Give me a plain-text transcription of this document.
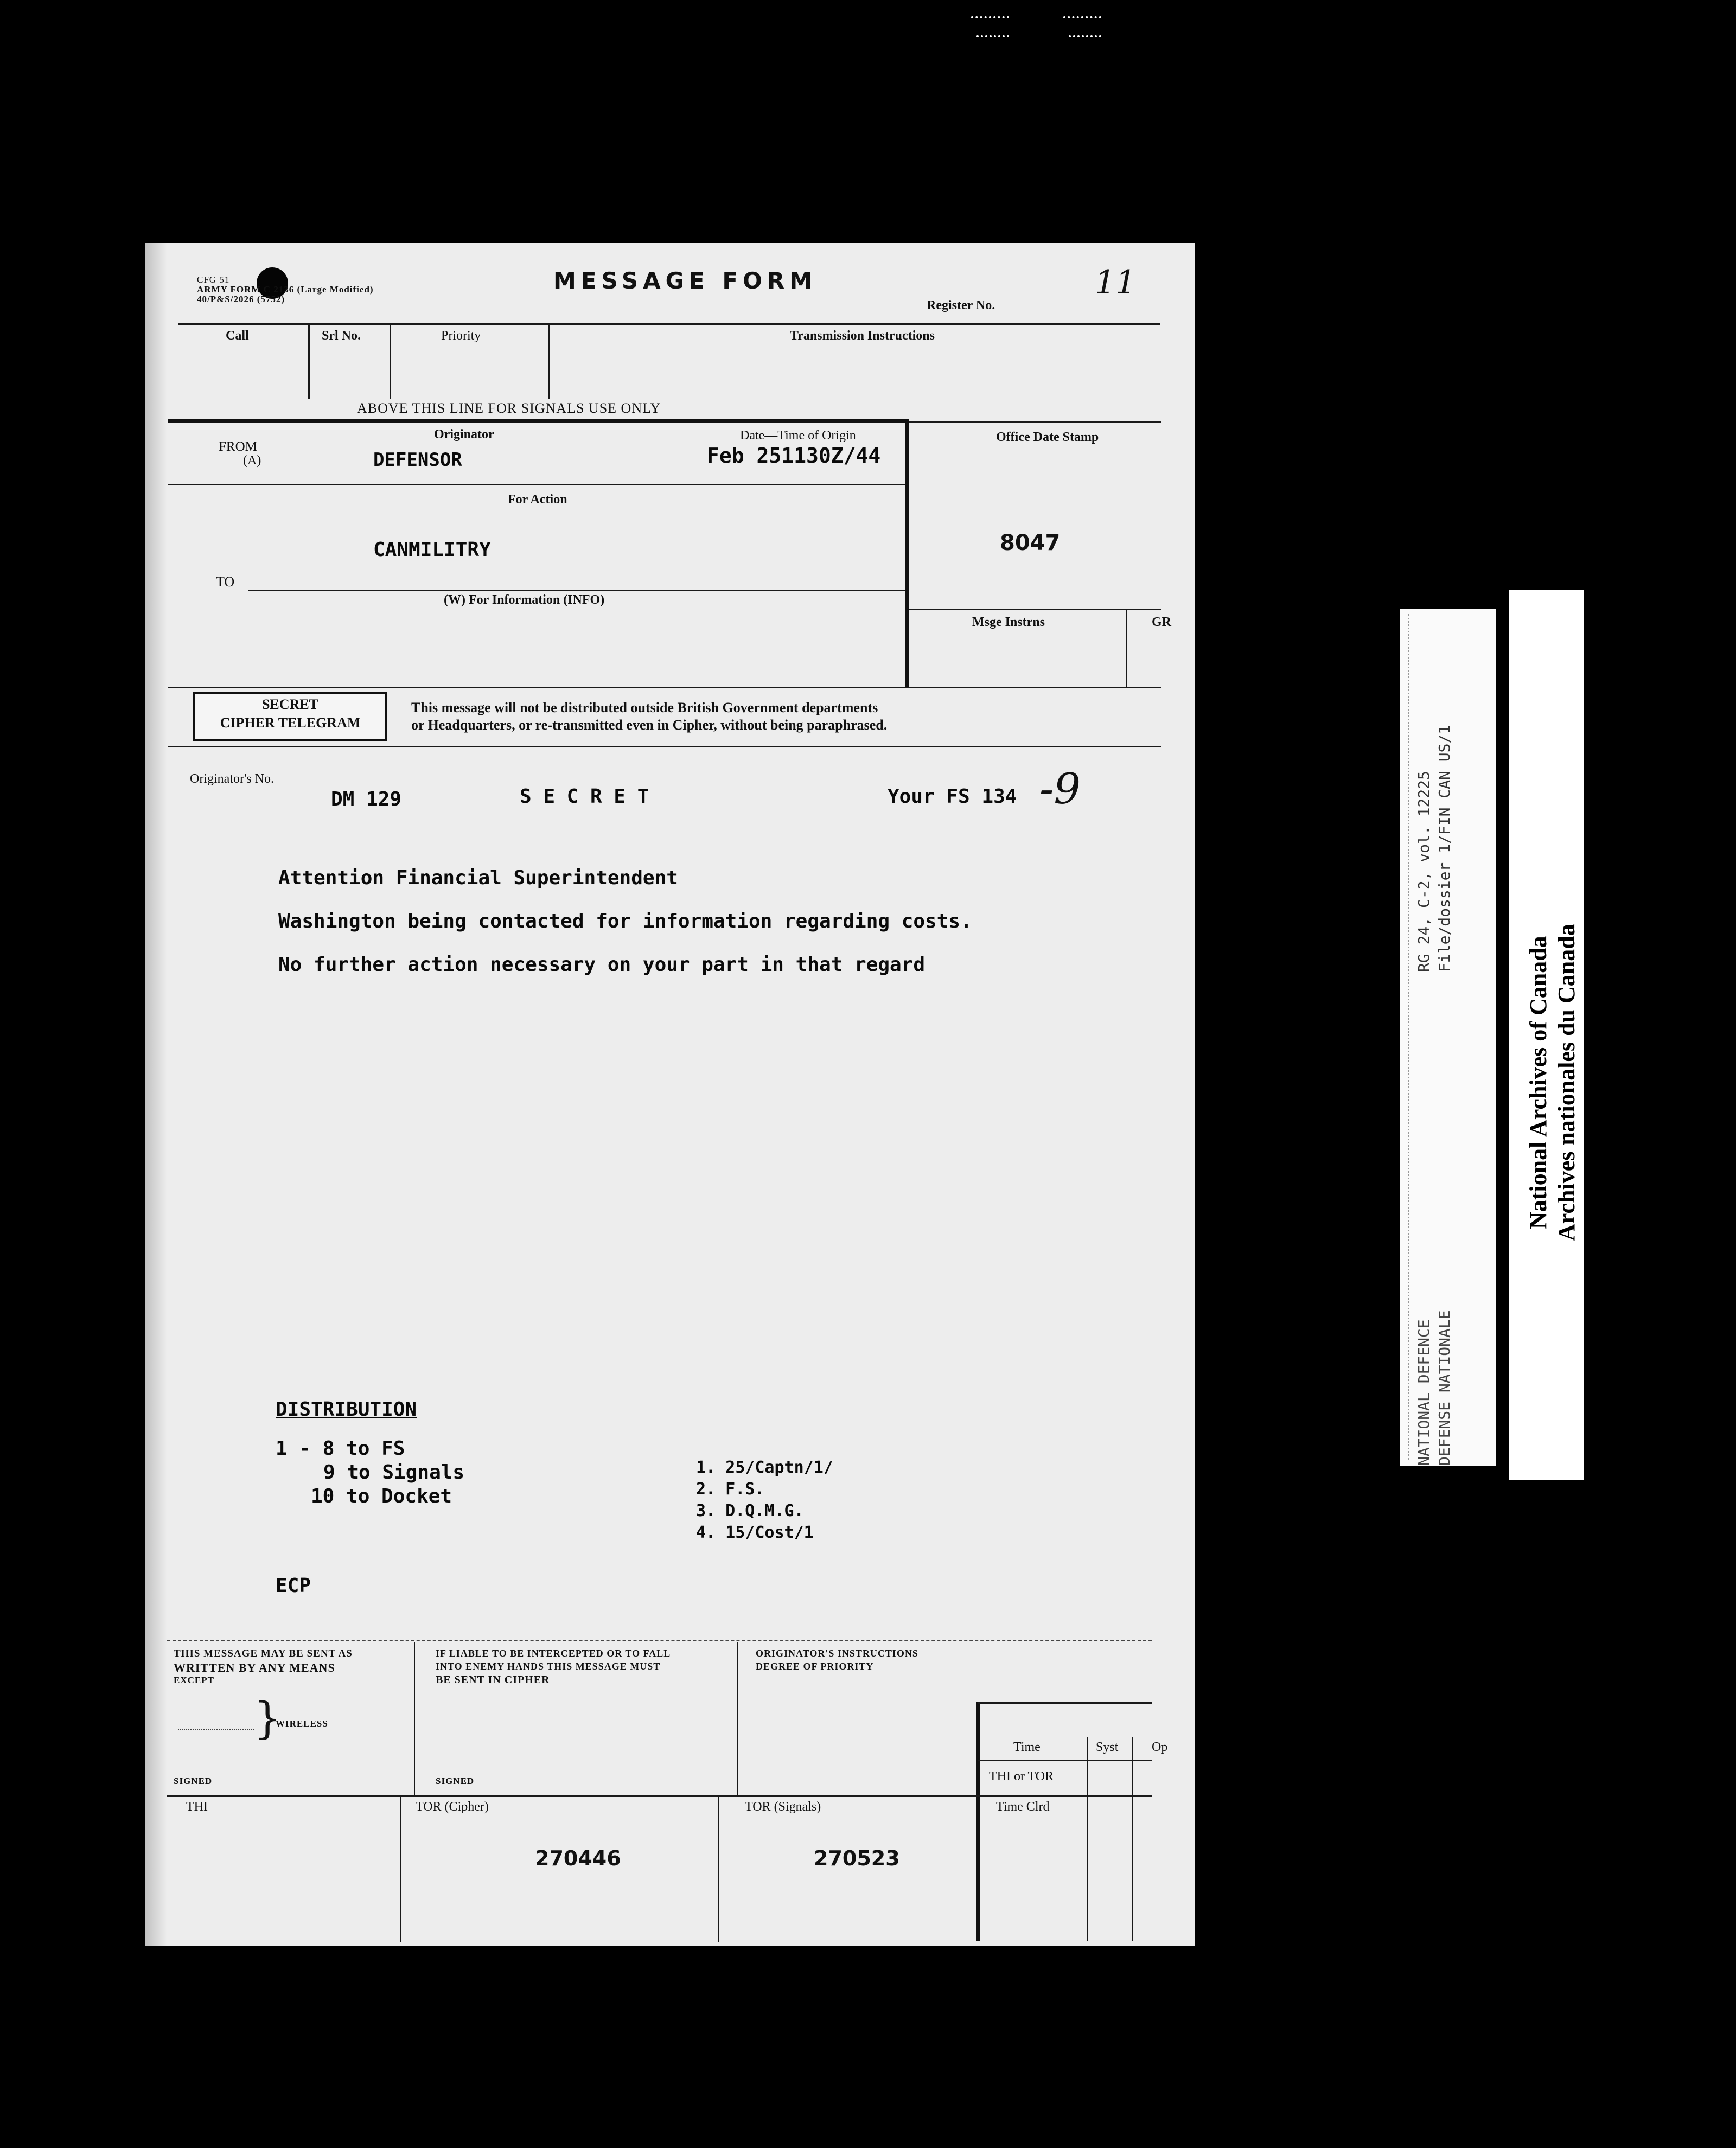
CFG 51
ARMY FORM C 2136 (Large Modified)
40/P&S/2026 (5752)
MESSAGE FORM
Register No.
11
Call	Srl No.	Priority	Transmission Instructions
ABOVE THIS LINE FOR SIGNALS USE ONLY
Originator
FROM
(A)	DEFENSOR
Date—Time of Origin
Feb 251130Z/44
Office Date Stamp
8047
For Action
CANMILITRY
TO
(W) For Information (INFO)
Msge Instrns	GR
SECRET
CIPHER TELEGRAM
This message will not be distributed outside British Government departments
or Headquarters, or re-transmitted even in Cipher, without being paraphrased.
Originator's No.
DM 129	S E C R E T	Your FS 134 -9
Attention Financial Superintendent
Washington being contacted for information regarding costs.
No further action necessary on your part in that regard
DISTRIBUTION
1 - 8 to FS
9 to Signals
10 to Docket
1. 25/Captn/1/
2. F.S.
3. D.Q.M.G.
4. 15/Cost/1
ECP
THIS MESSAGE MAY BE SENT AS
WRITTEN BY ANY MEANS
EXCEPT
}
WIRELESS
SIGNED
IF LIABLE TO BE INTERCEPTED OR TO FALL
INTO ENEMY HANDS THIS MESSAGE MUST
BE SENT IN CIPHER
SIGNED
ORIGINATOR'S INSTRUCTIONS
DEGREE OF PRIORITY
Time	Syst	Op
THI or TOR
Time Clrd
THI	TOR (Cipher)
270446
TOR (Signals)
270523
RG 24, C-2, vol. 12225 File/dossier 1/FIN CAN US/1
NATIONAL DEFENCE DEFENSE NATIONALE
National Archives of Canada Archives nationales du Canada
